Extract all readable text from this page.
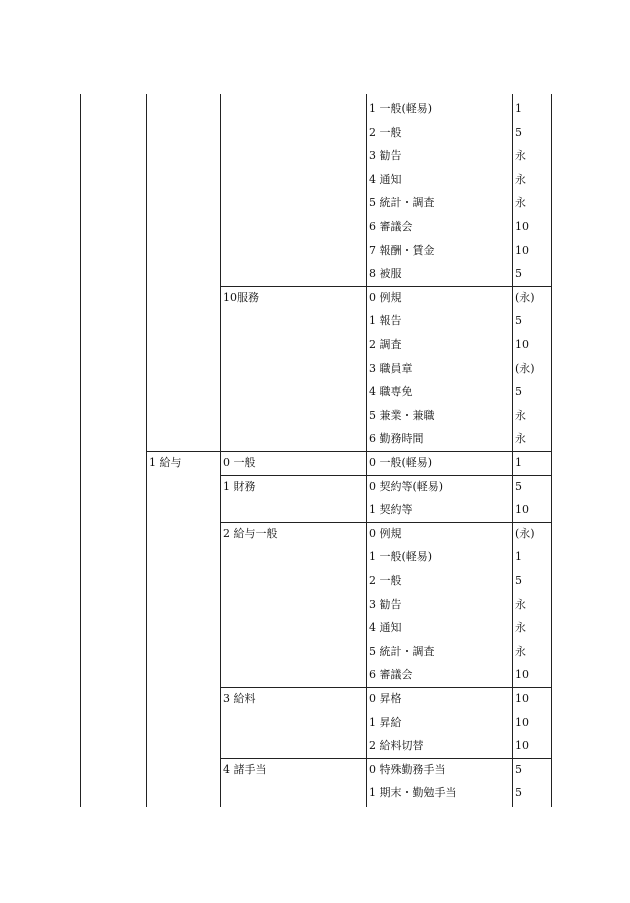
1 一般(軽易)	1
2 一般	5
3 勧告	永
4 通知	永
5 統計・調査	永
6 審議会	10
7 報酬・賃金	10
8 被服	5
10服務	0 例規	(永)
1 報告	5
2 調査	10
3 職員章	(永)
4 職専免	5
5 兼業・兼職	永
6 勤務時間	永
1 給与	0 一般	0 一般(軽易)	1
1 財務	0 契約等(軽易)	5
1 契約等	10
2 給与一般	0 例規	(永)
1 一般(軽易)	1
2 一般	5
3 勧告	永
4 通知	永
5 統計・調査	永
6 審議会	10
3 給料	0 昇格	10
1 昇給	10
2 給料切替	10
4 諸手当	0 特殊勤務手当	5
1 期末・勤勉手当	5
